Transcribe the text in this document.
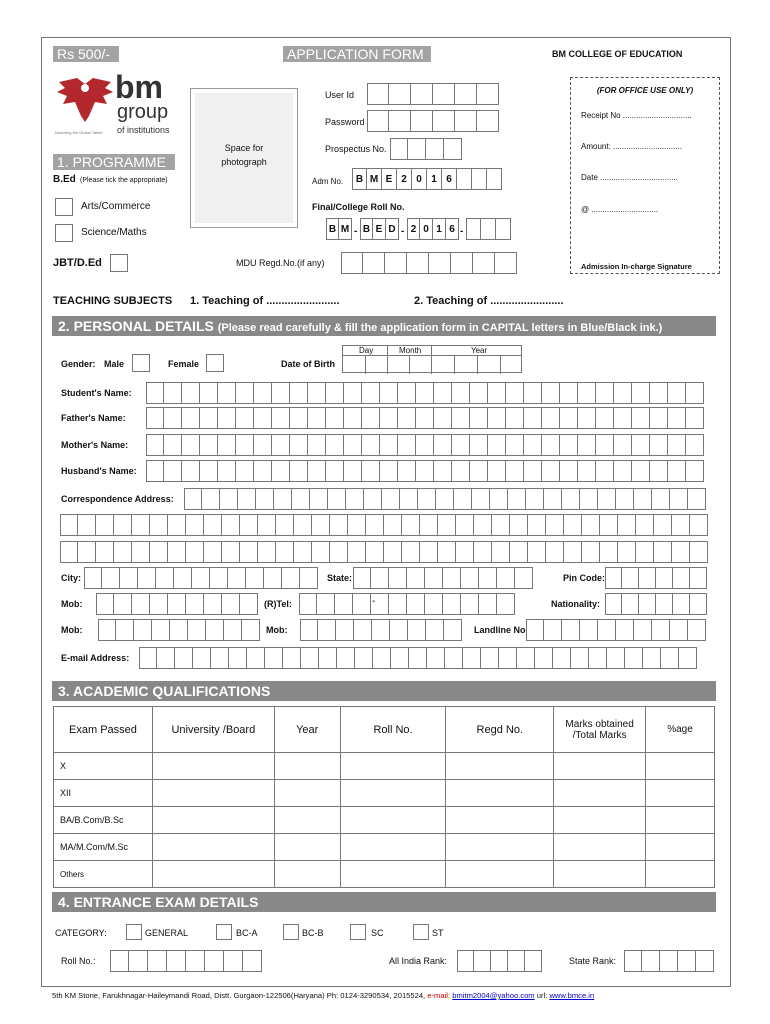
Rs 500/-	APPLICATION FORM	BM COLLEGE OF EDUCATION
bm
group
of institutions
Nurturing the Global Talent
1. PROGRAMME
B.Ed (Please tick the appropriate)
Arts/Commerce
Science/Maths
JBT/D.Ed
Space for
photograph
User Id
Password
Prospectus No.
Adm No.	B M E 2 0 1 6
Final/College Roll No.
B M - B E D - 2 0 1 6 -
MDU Regd.No.(if any)
(FOR OFFICE USE ONLY)
Receipt No ...............................
Amount: ...............................
Date ...................................
@ ..............................
Admission In-charge Signature
TEACHING SUBJECTS 1. Teaching of ........................	2. Teaching of ........................
2. PERSONAL DETAILS (Please read carefully & fill the application form in CAPITAL letters in Blue/Black ink.)
Gender: Male	Female	Date of Birth
Day	Month	Year
Student's Name:
Father's Name:
Mother's Name:
Husband's Name:
Correspondence Address:
City:	State:	Pin Code:
Mob:	(R)Tel:	-	Nationality:
Mob:	Mob:	Landline No
E-mail Address:
3. ACADEMIC QUALIFICATIONS
Exam Passed	University /Board	Year	Roll No.	Regd No.	Marks obtained /Total Marks	%age
X						
XII						
BA/B.Com/B.Sc						
MA/M.Com/M.Sc						
Others						
4. ENTRANCE EXAM DETAILS
CATEGORY:	GENERAL	BC-A	BC-B	SC	ST
Roll No.:	All India Rank:	State Rank:
5th KM Stone, Farukhnagar-Haileymandi Road, Distt. Gurgaon-122506(Haryana) Ph: 0124-3290534, 2015524, e-mail: bmitm2004@yahoo.com url: www.bmce.in
